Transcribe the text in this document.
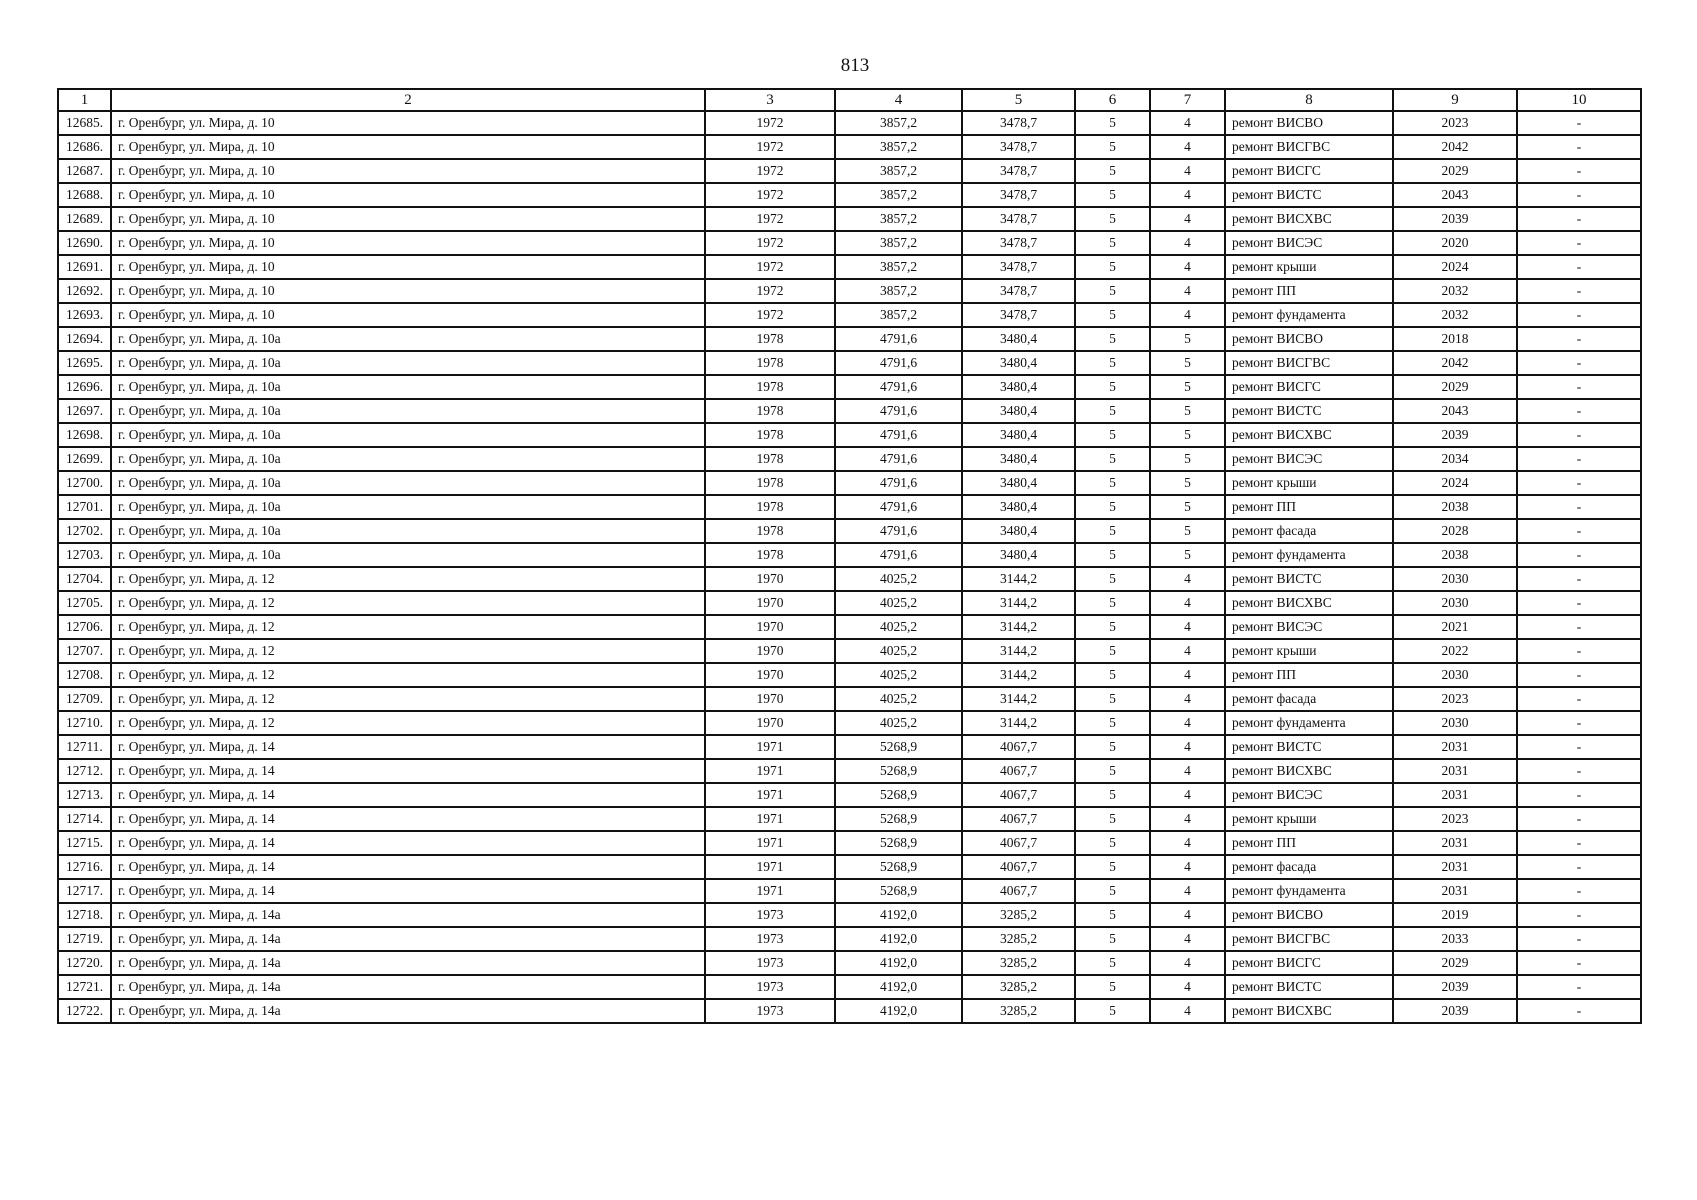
813
1	2	3	4	5	6	7	8	9	10
12685.	г. Оренбург, ул. Мира, д. 10	1972	3857,2	3478,7	5	4	ремонт ВИСВО	2023	-
12686.	г. Оренбург, ул. Мира, д. 10	1972	3857,2	3478,7	5	4	ремонт ВИСГВС	2042	-
12687.	г. Оренбург, ул. Мира, д. 10	1972	3857,2	3478,7	5	4	ремонт ВИСГС	2029	-
12688.	г. Оренбург, ул. Мира, д. 10	1972	3857,2	3478,7	5	4	ремонт ВИСТС	2043	-
12689.	г. Оренбург, ул. Мира, д. 10	1972	3857,2	3478,7	5	4	ремонт ВИСХВС	2039	-
12690.	г. Оренбург, ул. Мира, д. 10	1972	3857,2	3478,7	5	4	ремонт ВИСЭС	2020	-
12691.	г. Оренбург, ул. Мира, д. 10	1972	3857,2	3478,7	5	4	ремонт крыши	2024	-
12692.	г. Оренбург, ул. Мира, д. 10	1972	3857,2	3478,7	5	4	ремонт ПП	2032	-
12693.	г. Оренбург, ул. Мира, д. 10	1972	3857,2	3478,7	5	4	ремонт фундамента	2032	-
12694.	г. Оренбург, ул. Мира, д. 10а	1978	4791,6	3480,4	5	5	ремонт ВИСВО	2018	-
12695.	г. Оренбург, ул. Мира, д. 10а	1978	4791,6	3480,4	5	5	ремонт ВИСГВС	2042	-
12696.	г. Оренбург, ул. Мира, д. 10а	1978	4791,6	3480,4	5	5	ремонт ВИСГС	2029	-
12697.	г. Оренбург, ул. Мира, д. 10а	1978	4791,6	3480,4	5	5	ремонт ВИСТС	2043	-
12698.	г. Оренбург, ул. Мира, д. 10а	1978	4791,6	3480,4	5	5	ремонт ВИСХВС	2039	-
12699.	г. Оренбург, ул. Мира, д. 10а	1978	4791,6	3480,4	5	5	ремонт ВИСЭС	2034	-
12700.	г. Оренбург, ул. Мира, д. 10а	1978	4791,6	3480,4	5	5	ремонт крыши	2024	-
12701.	г. Оренбург, ул. Мира, д. 10а	1978	4791,6	3480,4	5	5	ремонт ПП	2038	-
12702.	г. Оренбург, ул. Мира, д. 10а	1978	4791,6	3480,4	5	5	ремонт фасада	2028	-
12703.	г. Оренбург, ул. Мира, д. 10а	1978	4791,6	3480,4	5	5	ремонт фундамента	2038	-
12704.	г. Оренбург, ул. Мира, д. 12	1970	4025,2	3144,2	5	4	ремонт ВИСТС	2030	-
12705.	г. Оренбург, ул. Мира, д. 12	1970	4025,2	3144,2	5	4	ремонт ВИСХВС	2030	-
12706.	г. Оренбург, ул. Мира, д. 12	1970	4025,2	3144,2	5	4	ремонт ВИСЭС	2021	-
12707.	г. Оренбург, ул. Мира, д. 12	1970	4025,2	3144,2	5	4	ремонт крыши	2022	-
12708.	г. Оренбург, ул. Мира, д. 12	1970	4025,2	3144,2	5	4	ремонт ПП	2030	-
12709.	г. Оренбург, ул. Мира, д. 12	1970	4025,2	3144,2	5	4	ремонт фасада	2023	-
12710.	г. Оренбург, ул. Мира, д. 12	1970	4025,2	3144,2	5	4	ремонт фундамента	2030	-
12711.	г. Оренбург, ул. Мира, д. 14	1971	5268,9	4067,7	5	4	ремонт ВИСТС	2031	-
12712.	г. Оренбург, ул. Мира, д. 14	1971	5268,9	4067,7	5	4	ремонт ВИСХВС	2031	-
12713.	г. Оренбург, ул. Мира, д. 14	1971	5268,9	4067,7	5	4	ремонт ВИСЭС	2031	-
12714.	г. Оренбург, ул. Мира, д. 14	1971	5268,9	4067,7	5	4	ремонт крыши	2023	-
12715.	г. Оренбург, ул. Мира, д. 14	1971	5268,9	4067,7	5	4	ремонт ПП	2031	-
12716.	г. Оренбург, ул. Мира, д. 14	1971	5268,9	4067,7	5	4	ремонт фасада	2031	-
12717.	г. Оренбург, ул. Мира, д. 14	1971	5268,9	4067,7	5	4	ремонт фундамента	2031	-
12718.	г. Оренбург, ул. Мира, д. 14а	1973	4192,0	3285,2	5	4	ремонт ВИСВО	2019	-
12719.	г. Оренбург, ул. Мира, д. 14а	1973	4192,0	3285,2	5	4	ремонт ВИСГВС	2033	-
12720.	г. Оренбург, ул. Мира, д. 14а	1973	4192,0	3285,2	5	4	ремонт ВИСГС	2029	-
12721.	г. Оренбург, ул. Мира, д. 14а	1973	4192,0	3285,2	5	4	ремонт ВИСТС	2039	-
12722.	г. Оренбург, ул. Мира, д. 14а	1973	4192,0	3285,2	5	4	ремонт ВИСХВС	2039	-
